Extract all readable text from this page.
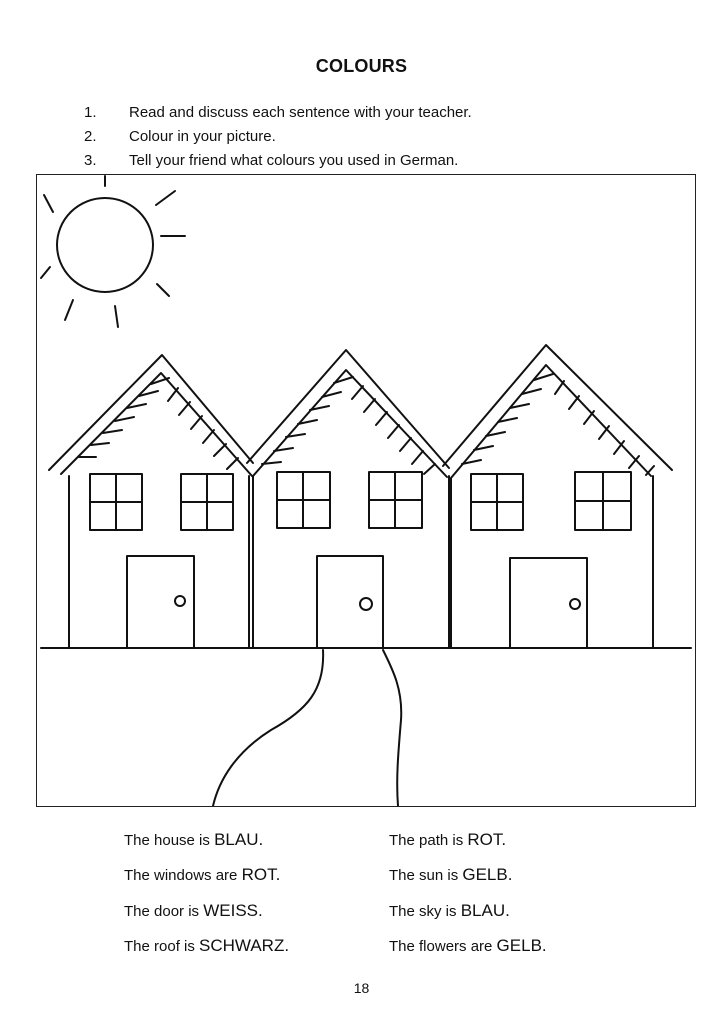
COLOURS
1.	Read and discuss each sentence with your teacher.
2.	Colour in your picture.
3.	Tell your friend what colours you used in German.
The house is BLAU.
The windows are ROT.
The door is WEISS.
The roof is SCHWARZ.
The path is ROT.
The sun is GELB.
The sky is BLAU.
The flowers are GELB.
18
